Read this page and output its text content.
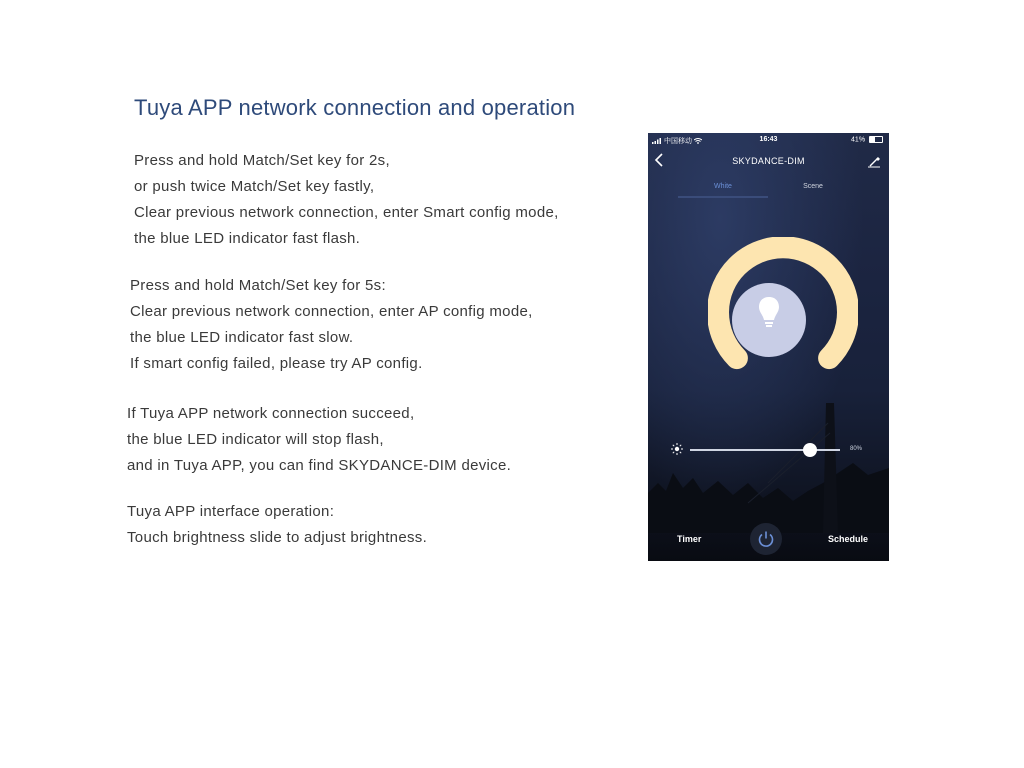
Tuya APP network connection and operation
Press and hold Match/Set key for 2s,
or push twice Match/Set key fastly,
Clear previous network connection, enter Smart config mode,
the blue LED indicator fast flash.
Press and hold Match/Set key for 5s:
Clear previous network connection, enter AP config mode,
the blue LED indicator fast slow.
If smart config failed, please try AP config.
If Tuya APP network connection succeed,
the blue LED indicator will stop flash,
and in Tuya APP, you can find SKYDANCE-DIM device.
Tuya APP interface operation:
Touch brightness slide to adjust brightness.
中国移动	16:43	41%
SKYDANCE-DIM
White	Scene
80%
Timer	Schedule
